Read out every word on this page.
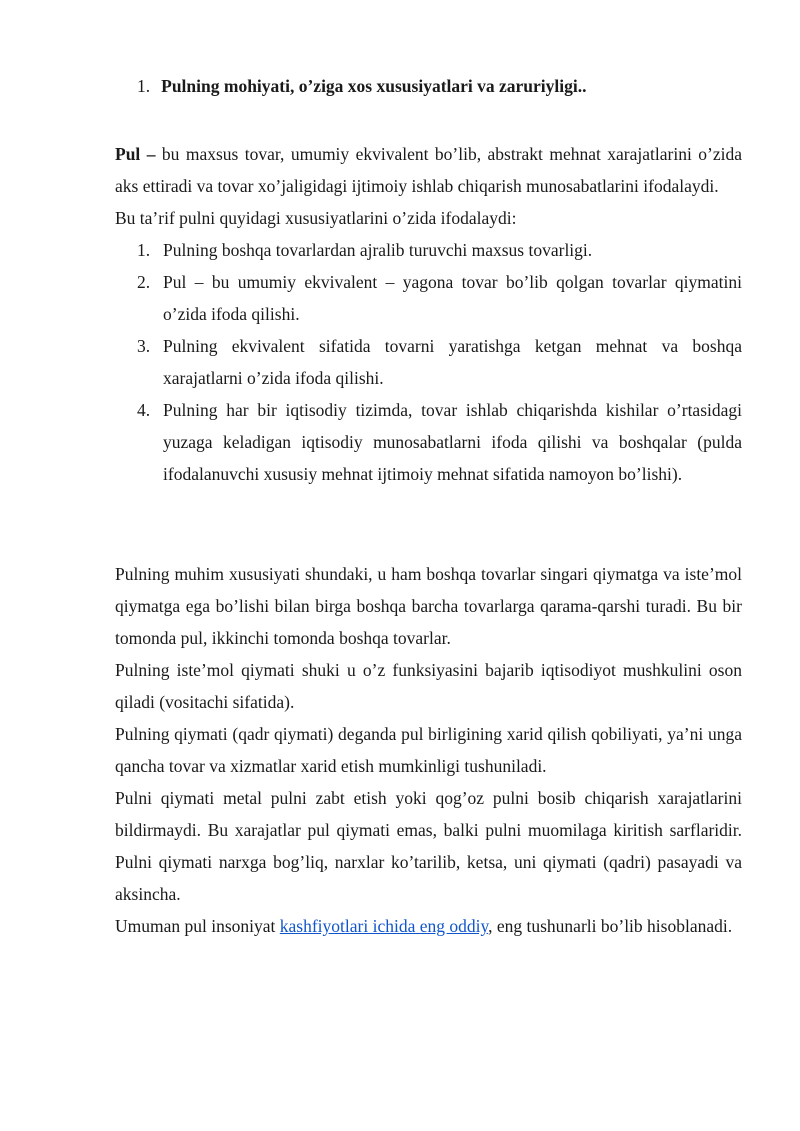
1. Pulning mohiyati, o’ziga xos xususiyatlari va zaruriyligi..

Pul – bu maxsus tovar, umumiy ekvivalent bo’lib, abstrakt mehnat xarajatlarini o’zida aks ettiradi va tovar xo’jaligidagi ijtimoiy ishlab chiqarish munosabatlarini ifodalaydi.

Bu ta’rif pulni quyidagi xususiyatlarini o’zida ifodalaydi:

1. Pulning boshqa tovarlardan ajralib turuvchi maxsus tovarligi.
2. Pul – bu umumiy ekvivalent – yagona tovar bo’lib qolgan tovarlar qiymatini o’zida ifoda qilishi.
3. Pulning ekvivalent sifatida tovarni yaratishga ketgan mehnat va boshqa xarajatlarni o’zida ifoda qilishi.
4. Pulning har bir iqtisodiy tizimda, tovar ishlab chiqarishda kishilar o’rtasidagi yuzaga keladigan iqtisodiy munosabatlarni ifoda qilishi va boshqalar (pulda ifodalanuvchi xususiy mehnat ijtimoiy mehnat sifatida namoyon bo’lishi).

Pulning muhim xususiyati shundaki, u ham boshqa tovarlar singari qiymatga va iste’mol qiymatga ega bo’lishi bilan birga boshqa barcha tovarlarga qarama-qarshi turadi. Bu bir tomonda pul, ikkinchi tomonda boshqa tovarlar.

Pulning iste’mol qiymati shuki u o’z funksiyasini bajarib iqtisodiyot mushkulini oson qiladi (vositachi sifatida).

Pulning qiymati (qadr qiymati) deganda pul birligining xarid qilish qobiliyati, ya’ni unga qancha tovar va xizmatlar xarid etish mumkinligi tushuniladi.

Pulni qiymati metal pulni zabt etish yoki qog’oz pulni bosib chiqarish xarajatlarini bildirmaydi. Bu xarajatlar pul qiymati emas, balki pulni muomilaga kiritish sarflaridir. Pulni qiymati narxga bog’liq, narxlar ko’tarilib, ketsa, uni qiymati (qadri) pasayadi va aksincha.

Umuman pul insoniyat kashfiyotlari ichida eng oddiy, eng tushunarli bo’lib hisoblanadi.
